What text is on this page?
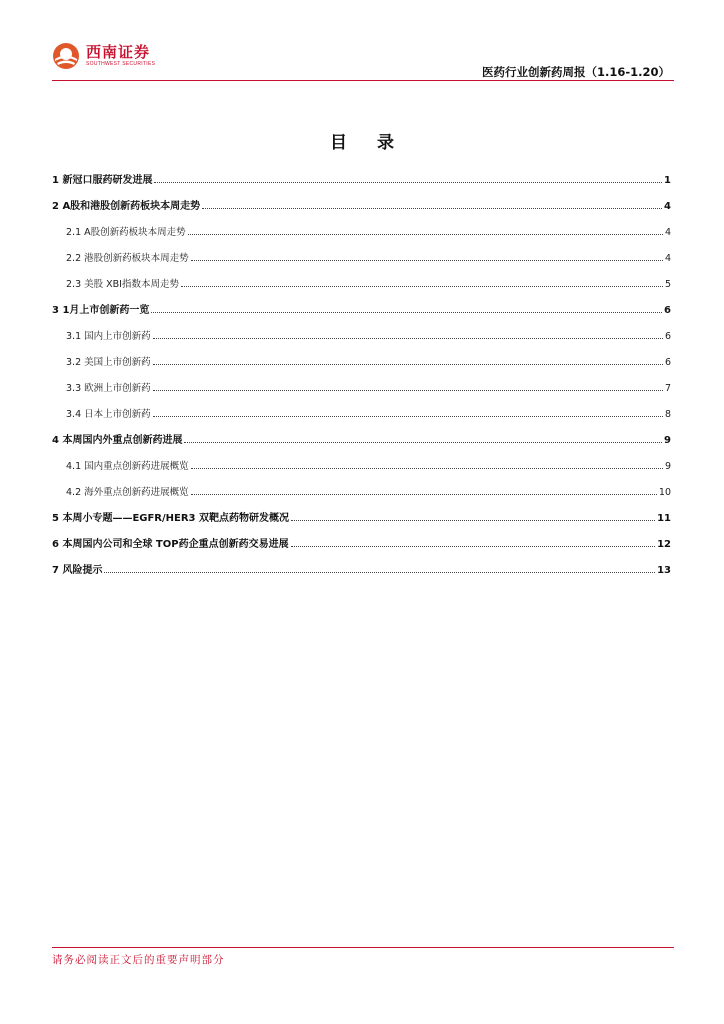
西南证券
SOUTHWEST SECURITIES
医药行业创新药周报（1.16-1.20）
目 录
1 新冠口服药研发进展	1
2 A股和港股创新药板块本周走势	4
2.1 A股创新药板块本周走势	4
2.2 港股创新药板块本周走势	4
2.3 美股 XBI指数本周走势	5
3 1月上市创新药一览	6
3.1 国内上市创新药	6
3.2 美国上市创新药	6
3.3 欧洲上市创新药	7
3.4 日本上市创新药	8
4 本周国内外重点创新药进展	9
4.1 国内重点创新药进展概览	9
4.2 海外重点创新药进展概览	10
5 本周小专题——EGFR/HER3 双靶点药物研发概况	11
6 本周国内公司和全球 TOP药企重点创新药交易进展	12
7 风险提示	13
请务必阅读正文后的重要声明部分
